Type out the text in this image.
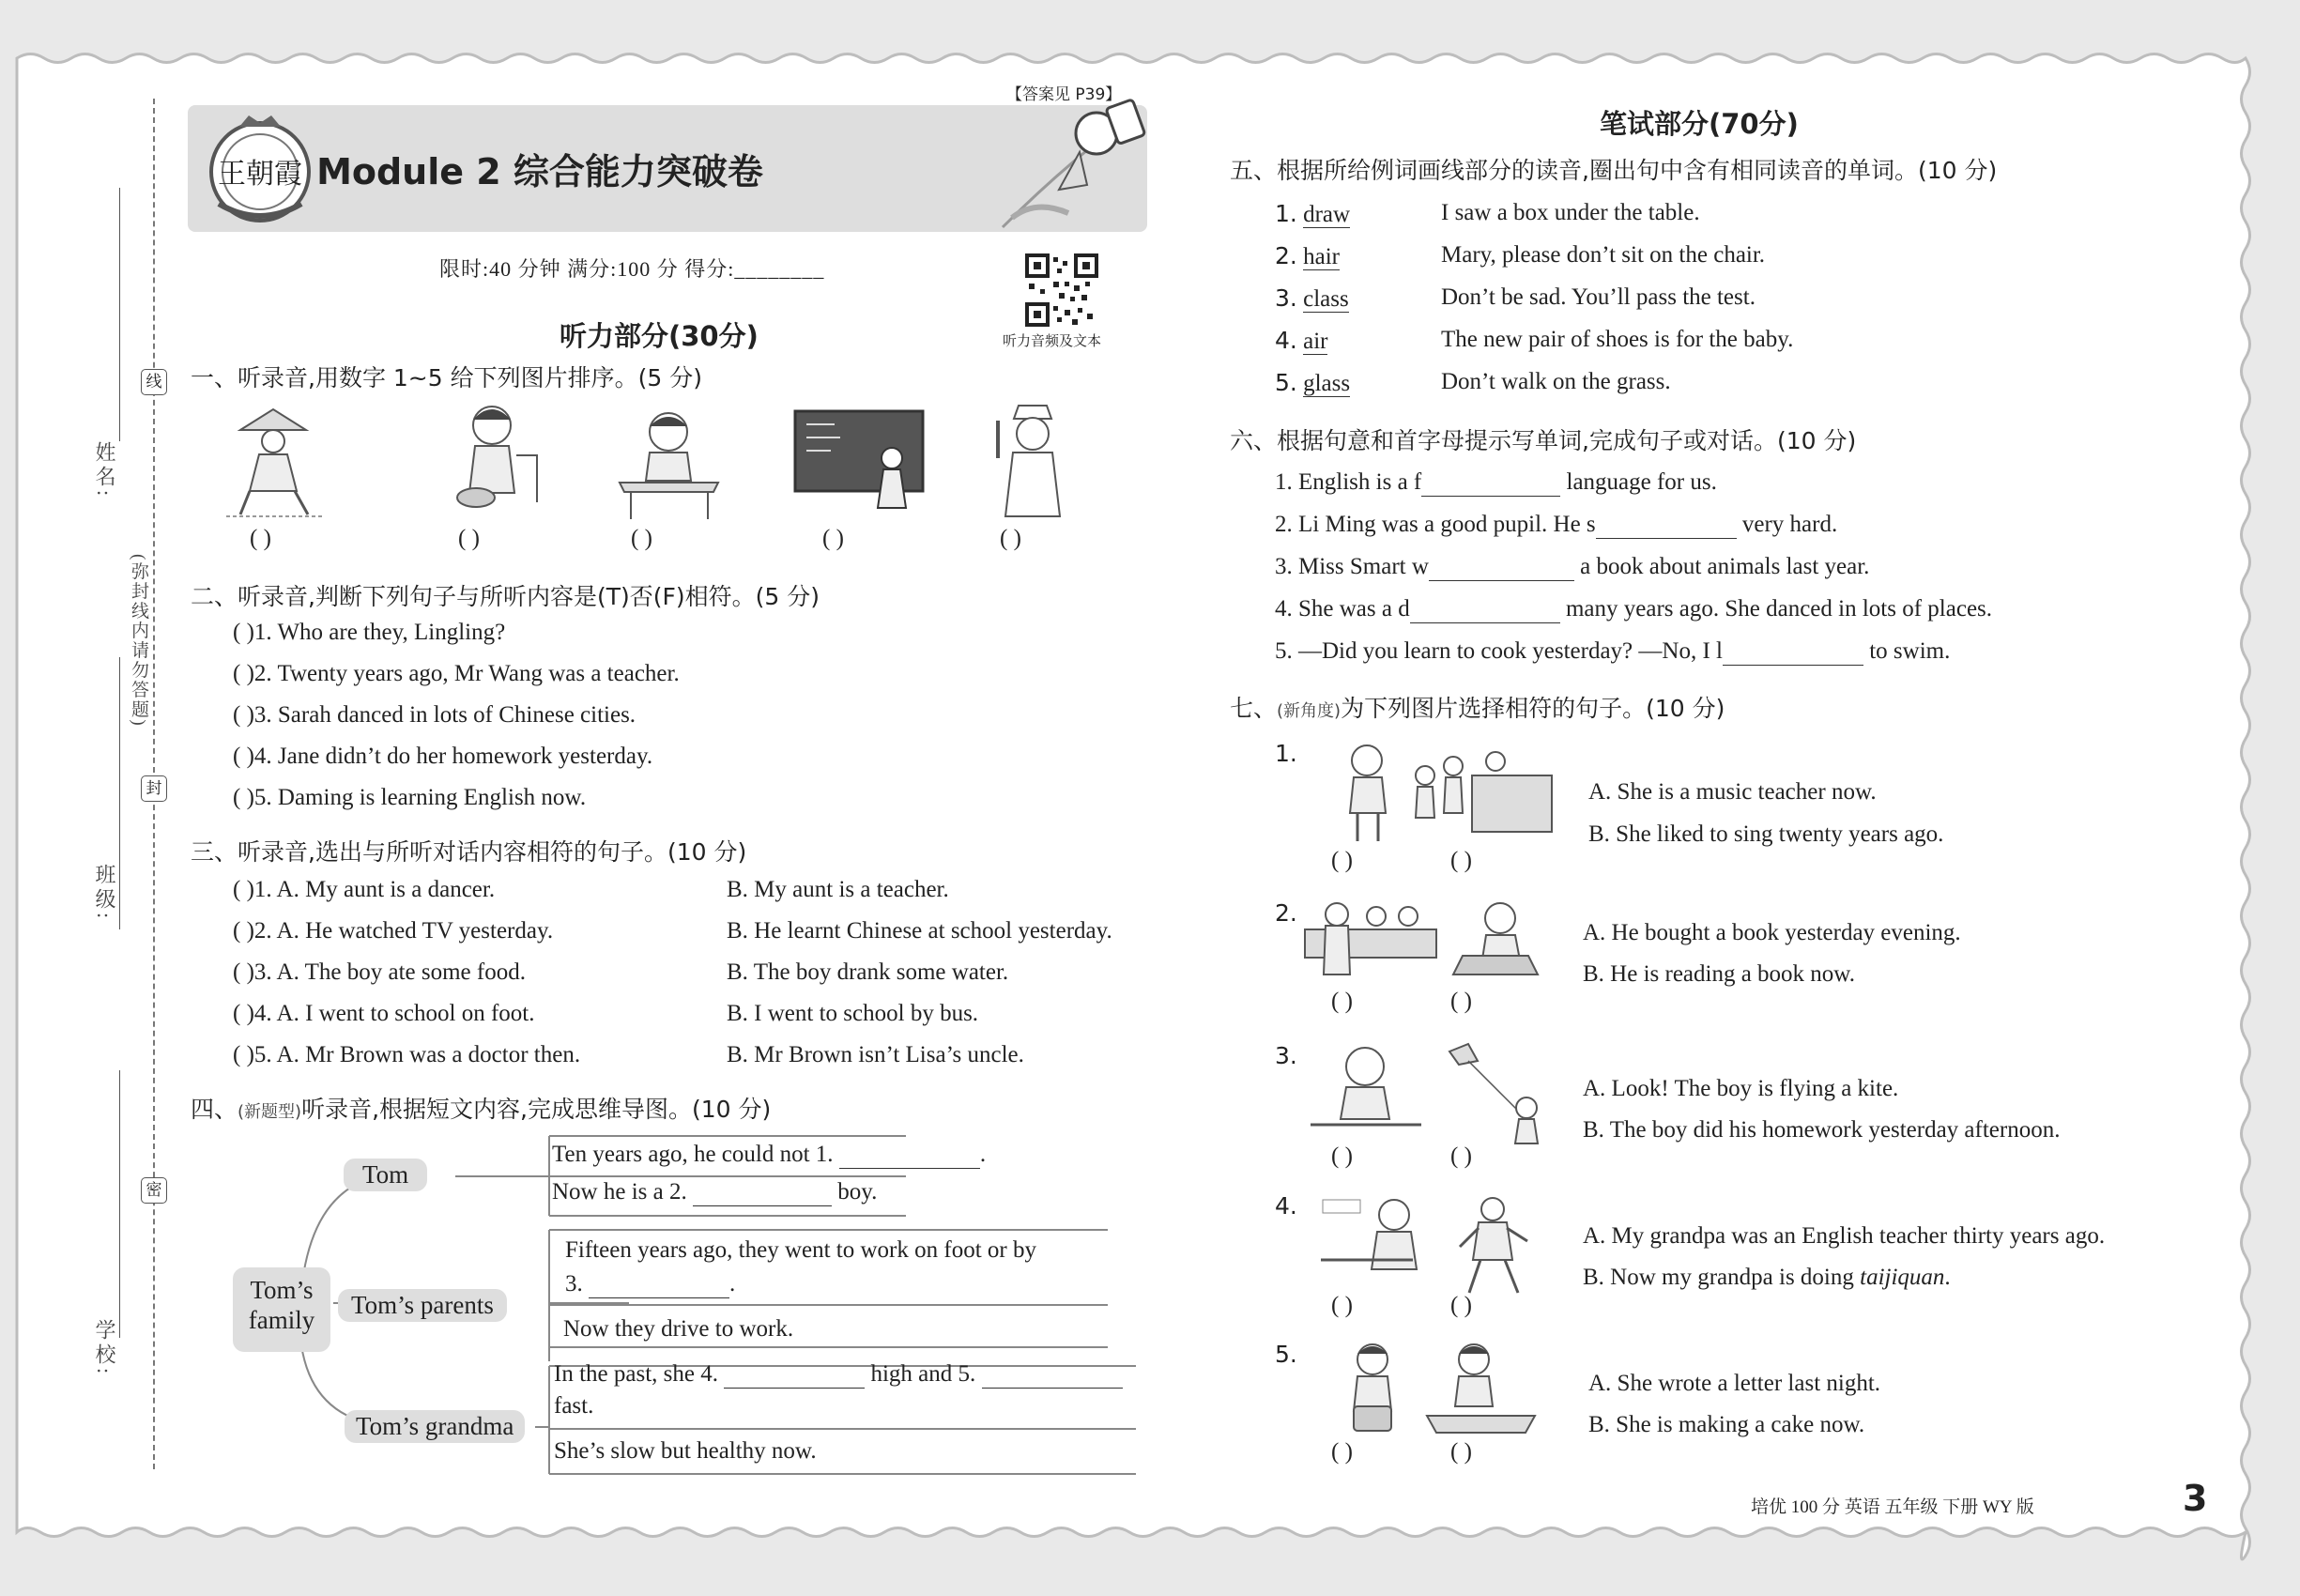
姓名:
班级:
学校:
(弥封线内请勿答题)
线
封
密
王朝霞 Module 2 综合能力突破卷
【答案见 P39】
限时:40 分钟 满分:100 分 得分:________
听力音频及文本
听力部分(30分)
一、听录音,用数字 1~5 给下列图片排序。(5 分)
( )	( )	( )	( )	( )
二、听录音,判断下列句子与所听内容是(T)否(F)相符。(5 分)
( )1. Who are they, Lingling?
( )2. Twenty years ago, Mr Wang was a teacher.
( )3. Sarah danced in lots of Chinese cities.
( )4. Jane didn’t do her homework yesterday.
( )5. Daming is learning English now.
三、听录音,选出与所听对话内容相符的句子。(10 分)
( )1. A. My aunt is a dancer.	B. My aunt is a teacher.
( )2. A. He watched TV yesterday.	B. He learnt Chinese at school yesterday.
( )3. A. The boy ate some food.	B. The boy drank some water.
( )4. A. I went to school on foot.	B. I went to school by bus.
( )5. A. Mr Brown was a doctor then.	B. Mr Brown isn’t Lisa’s uncle.
四、(新题型)听录音,根据短文内容,完成思维导图。(10 分)
Tom’s
family
Tom
Tom’s parents
Tom’s grandma
Ten years ago, he could not 1.	.
Now he is a 2.	boy.
Fifteen years ago, they went to work on foot or by
3.	.
Now they drive to work.
In the past, she 4.	high and 5.
fast.
She’s slow but healthy now.
笔试部分(70分)
五、根据所给例词画线部分的读音,圈出句中含有相同读音的单词。(10 分)
1. draw	I saw a box under the table.
2. hair	Mary, please don’t sit on the chair.
3. class	Don’t be sad. You’ll pass the test.
4. air	The new pair of shoes is for the baby.
5. glass	Don’t walk on the grass.
六、根据句意和首字母提示写单词,完成句子或对话。(10 分)
1. English is a f	language for us.
2. Li Ming was a good pupil. He s	very hard.
3. Miss Smart w	a book about animals last year.
4. She was a d	many years ago. She danced in lots of places.
5. —Did you learn to cook yesterday? —No, I l	to swim.
七、(新角度)为下列图片选择相符的句子。(10 分)
1.
( )	( )
A. She is a music teacher now.
B. She liked to sing twenty years ago.
2.
( )	( )
A. He bought a book yesterday evening.
B. He is reading a book now.
3.
( )	( )
A. Look! The boy is flying a kite.
B. The boy did his homework yesterday afternoon.
4.
( )	( )
A. My grandpa was an English teacher thirty years ago.
B. Now my grandpa is doing taijiquan.
5.
( )	( )
A. She wrote a letter last night.
B. She is making a cake now.
培优 100 分 英语 五年级 下册 WY 版	3
